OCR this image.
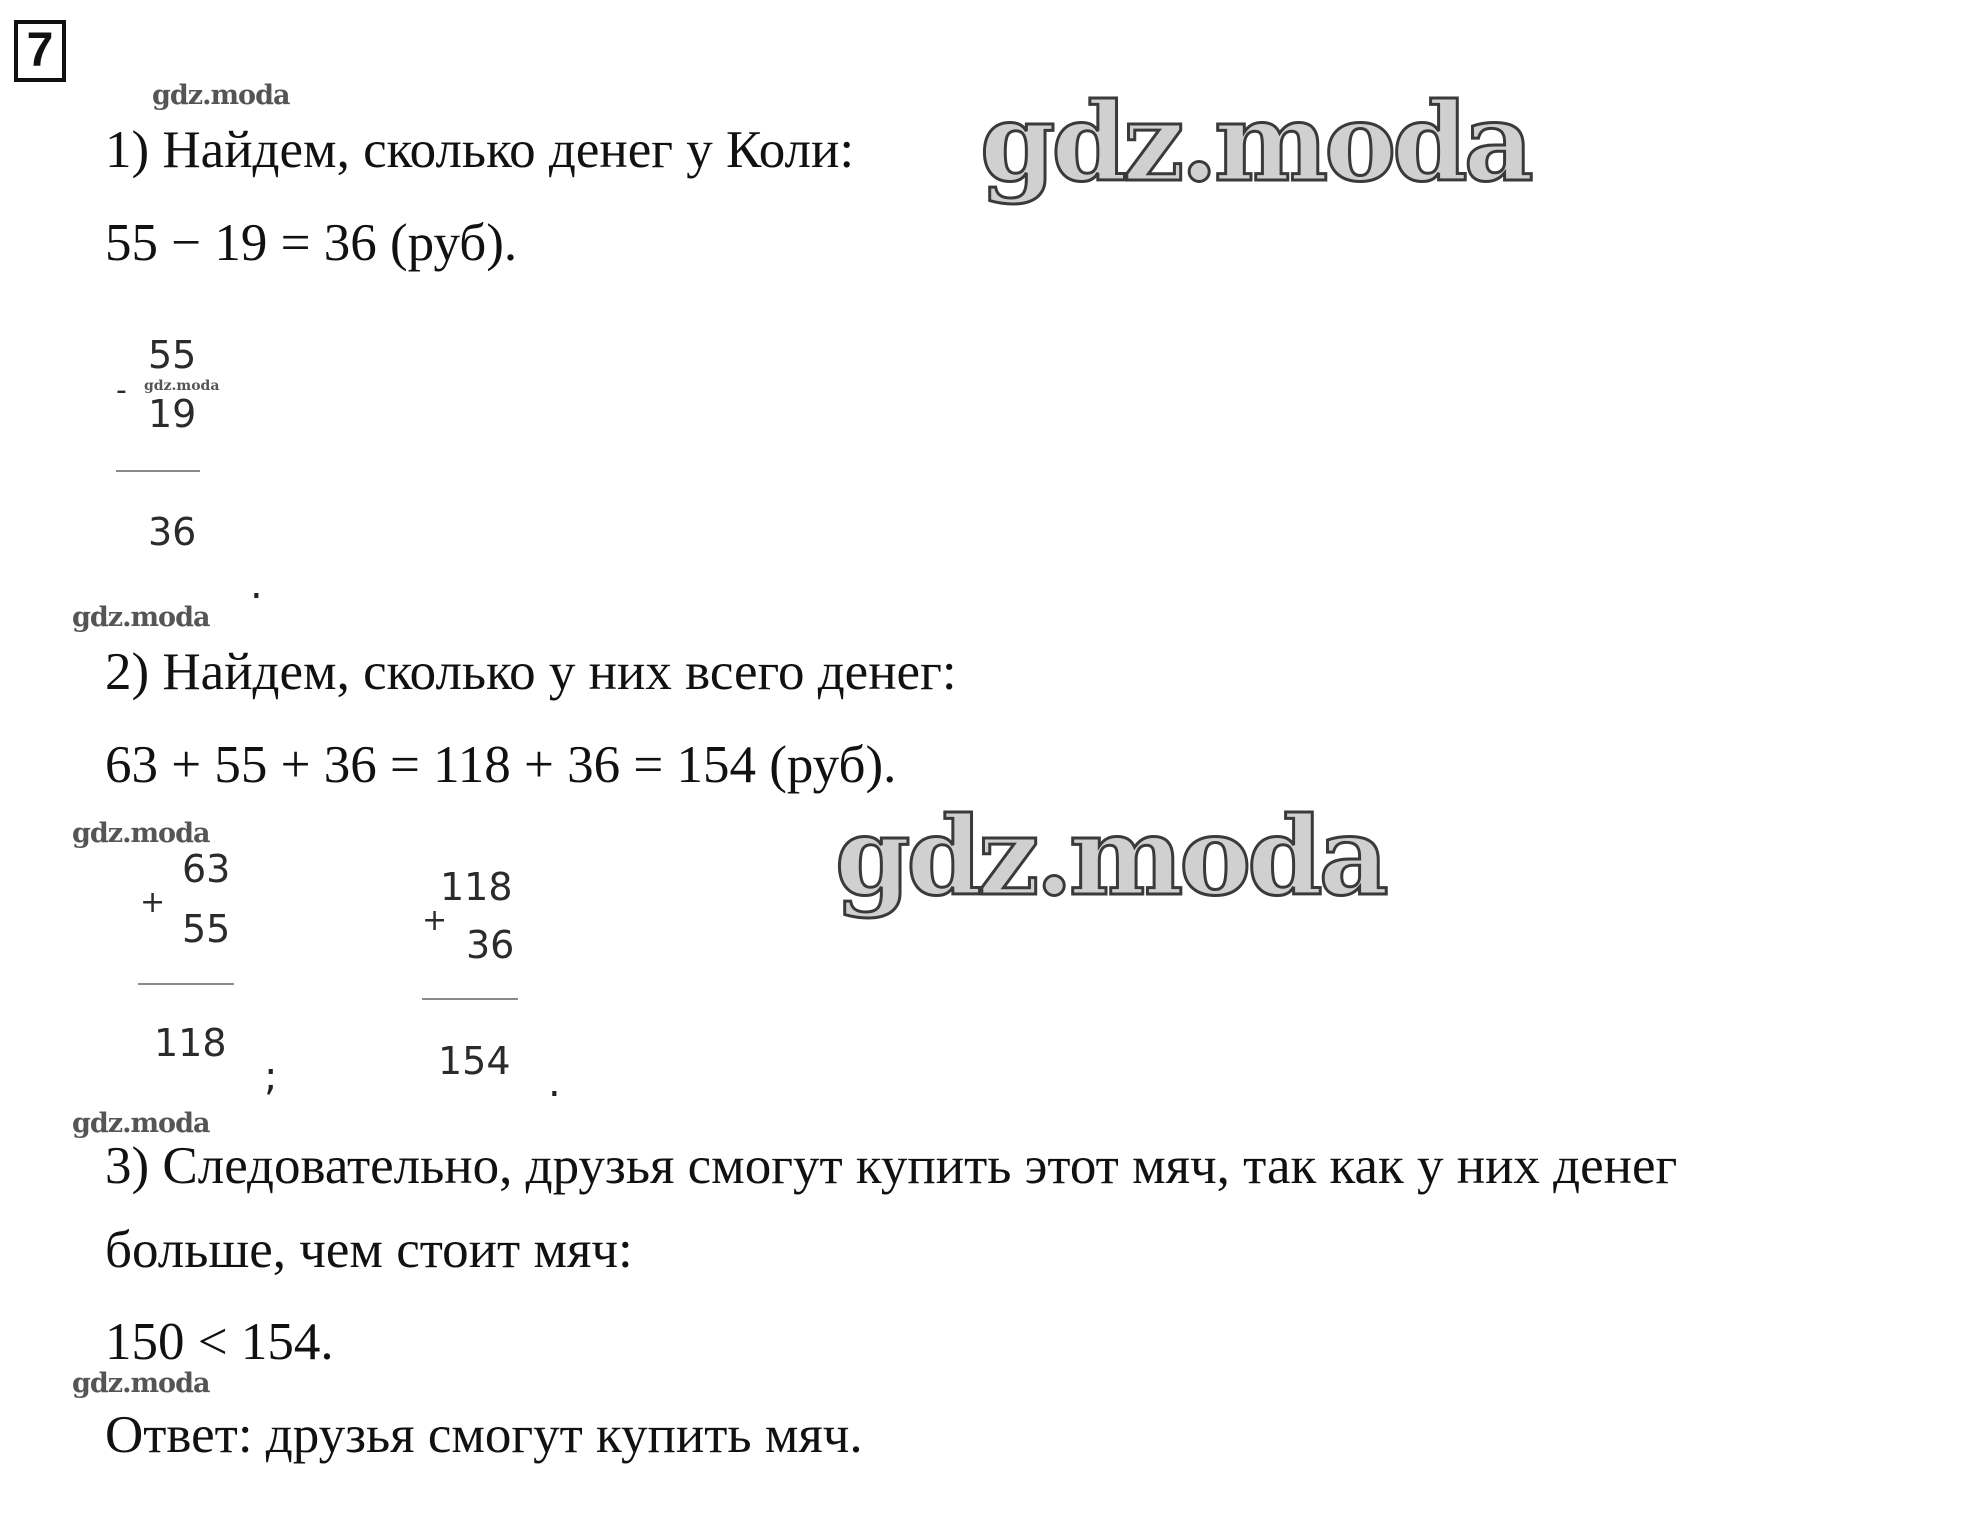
7
gdz.moda	gdz.moda
gdz.moda
gdz.moda
gdz.moda	gdz.moda
gdz.moda
gdz.moda
1) Найдем, сколько денег у Коли:
55 − 19 = 36 (руб).
55
-
19
36
.
2) Найдем, сколько у них всего денег:
63 + 55 + 36 = 118 + 36 = 154 (руб).
63
+
55
118
;
118
+
36
154 .
3) Следовательно, друзья смогут купить этот мяч, так как у них денег
больше, чем стоит мяч:
150 < 154.
Ответ: друзья смогут купить мяч.
